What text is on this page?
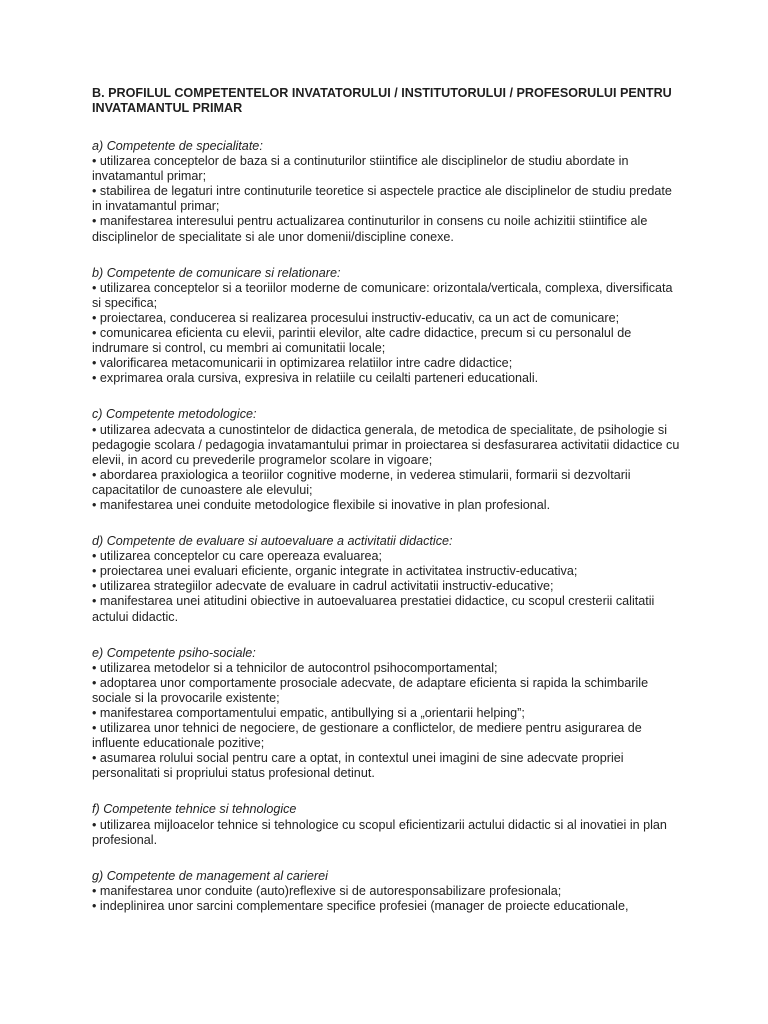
B. PROFILUL COMPETENTELOR INVATATORULUI / INSTITUTORULUI / PROFESORULUI PENTRU INVATAMANTUL PRIMAR
a) Competente de specialitate:
• utilizarea conceptelor de baza si a continuturilor stiintifice ale disciplinelor de studiu abordate in invatamantul primar;
• stabilirea de legaturi intre continuturile teoretice si aspectele practice ale disciplinelor de studiu predate in invatamantul primar;
• manifestarea interesului pentru actualizarea continuturilor in consens cu noile achizitii stiintifice ale disciplinelor de specialitate si ale unor domenii/discipline conexe.
b) Competente de comunicare si relationare:
• utilizarea conceptelor si a teoriilor moderne de comunicare: orizontala/verticala, complexa, diversificata si specifica;
• proiectarea, conducerea si realizarea procesului instructiv-educativ, ca un act de comunicare;
• comunicarea eficienta cu elevii, parintii elevilor, alte cadre didactice, precum si cu personalul de indrumare si control, cu membri ai comunitatii locale;
• valorificarea metacomunicarii in optimizarea relatiilor intre cadre didactice;
• exprimarea orala cursiva, expresiva in relatiile cu ceilalti parteneri educationali.
c) Competente metodologice:
• utilizarea adecvata a cunostintelor de didactica generala, de metodica de specialitate, de psihologie si pedagogie scolara / pedagogia invatamantului primar in proiectarea si desfasurarea activitatii didactice cu elevii, in acord cu prevederile programelor scolare in vigoare;
• abordarea praxiologica a teoriilor cognitive moderne, in vederea stimularii, formarii si dezvoltarii capacitatilor de cunoastere ale elevului;
• manifestarea unei conduite metodologice flexibile si inovative in plan profesional.
d) Competente de evaluare si autoevaluare a activitatii didactice:
• utilizarea conceptelor cu care opereaza evaluarea;
• proiectarea unei evaluari eficiente, organic integrate in activitatea instructiv-educativa;
• utilizarea strategiilor adecvate de evaluare in cadrul activitatii instructiv-educative;
• manifestarea unei atitudini obiective in autoevaluarea prestatiei didactice, cu scopul cresterii calitatii actului didactic.
e) Competente psiho-sociale:
• utilizarea metodelor si a tehnicilor de autocontrol psihocomportamental;
• adoptarea unor comportamente prosociale adecvate, de adaptare eficienta si rapida la schimbarile sociale si la provocarile existente;
• manifestarea comportamentului empatic, antibullying si a „orientarii helping”;
• utilizarea unor tehnici de negociere, de gestionare a conflictelor, de mediere pentru asigurarea de influente educationale pozitive;
• asumarea rolului social pentru care a optat, in contextul unei imagini de sine adecvate propriei personalitati si propriului status profesional detinut.
f) Competente tehnice si tehnologice
• utilizarea mijloacelor tehnice si tehnologice cu scopul eficientizarii actului didactic si al inovatiei in plan profesional.
g) Competente de management al carierei
• manifestarea unor conduite (auto)reflexive si de autoresponsabilizare profesionala;
• indeplinirea unor sarcini complementare specifice profesiei (manager de proiecte educationale,
